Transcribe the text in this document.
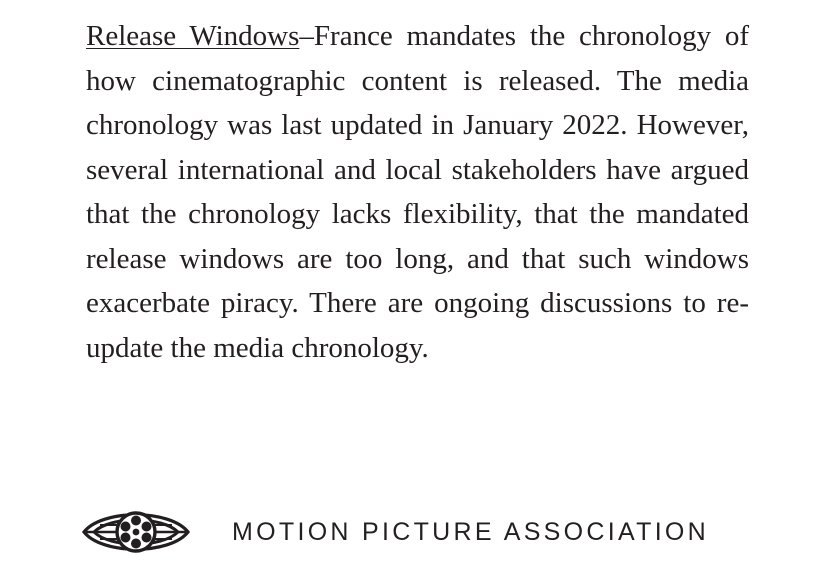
Release Windows–France mandates the chronology of how cinematographic content is released. The media chronology was last updated in January 2022. However, several international and local stakeholders have argued that the chronology lacks flexibility, that the mandated release windows are too long, and that such windows exacerbate piracy. There are ongoing discussions to re-update the media chronology.

MOTION PICTURE ASSOCIATION
